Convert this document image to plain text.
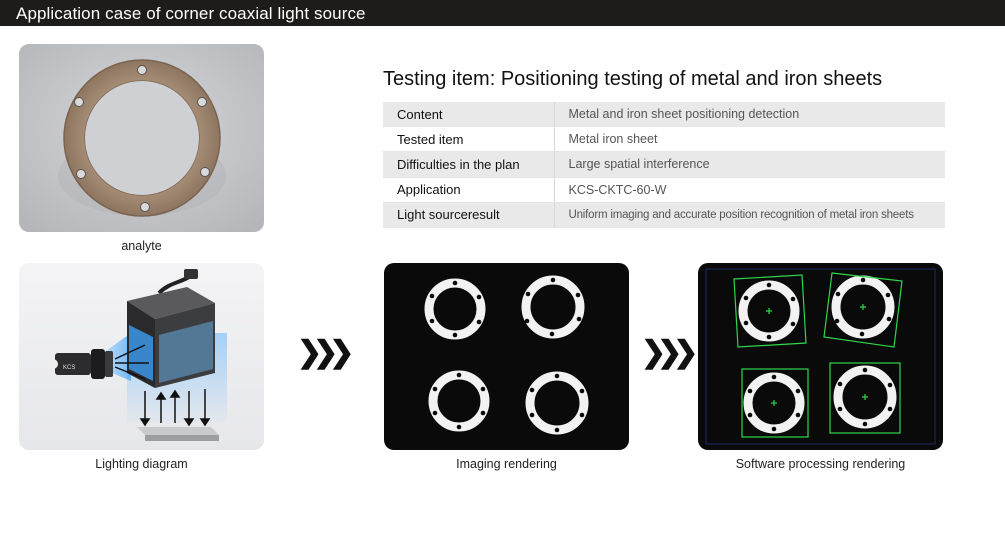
Application case of corner coaxial light source
analyte
Testing item: Positioning testing of metal and iron sheets
Content	Metal and iron sheet positioning detection
Tested item	Metal iron sheet
Difficulties in the plan	Large spatial interference
Application	KCS-CKTC-60-W
Light sourceresult	Uniform imaging and accurate position recognition of metal iron sheets
KCS
Lighting diagram
❯❯❯	❯❯❯
Imaging rendering	Software processing rendering
